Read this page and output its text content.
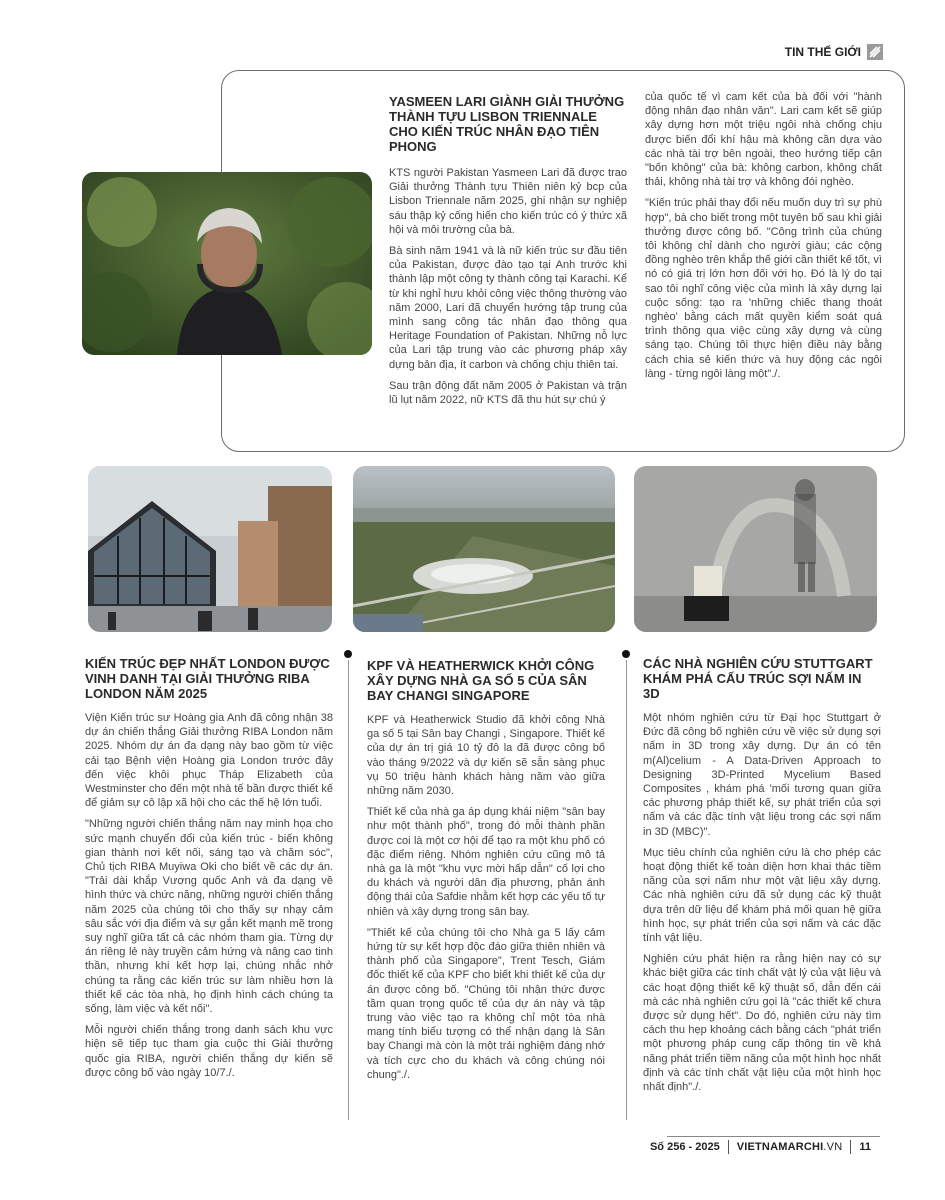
TIN THẾ GIỚI
YASMEEN LARI GIÀNH GIẢI THƯỞNG THÀNH TỰU LISBON TRIENNALE CHO KIẾN TRÚC NHÂN ĐẠO TIÊN PHONG

KTS người Pakistan Yasmeen Lari đã được trao Giải thưởng Thành tựu Thiên niên kỷ bcp của Lisbon Triennale năm 2025, ghi nhận sự nghiệp sáu thập kỷ cống hiến cho kiến trúc có ý thức xã hội và môi trường của bà.

Bà sinh năm 1941 và là nữ kiến trúc sư đầu tiên của Pakistan, được đào tạo tại Anh trước khi thành lập một công ty thành công tại Karachi. Kể từ khi nghỉ hưu khỏi công việc thông thường vào năm 2000, Lari đã chuyển hướng tập trung của mình sang công tác nhân đạo thông qua Heritage Foundation of Pakistan. Những nỗ lực của Lari tập trung vào các phương pháp xây dựng bản địa, ít carbon và chống chịu thiên tai.

Sau trận động đất năm 2005 ở Pakistan và trận lũ lụt năm 2022, nữ KTS đã thu hút sự chú ý

của quốc tế vì cam kết của bà đối với "hành động nhân đạo nhân văn". Lari cam kết sẽ giúp xây dựng hơn một triệu ngôi nhà chống chịu được biến đổi khí hậu mà không cần dựa vào các nhà tài trợ bên ngoài, theo hướng tiếp cận "bốn không" của bà: không carbon, không chất thải, không nhà tài trợ và không đói nghèo.

"Kiến trúc phải thay đổi nếu muốn duy trì sự phù hợp", bà cho biết trong một tuyên bố sau khi giải thưởng được công bố. "Công trình của chúng tôi không chỉ dành cho người giàu; các cộng đồng nghèo trên khắp thế giới cần thiết kế tốt, vì nó có giá trị lớn hơn đối với họ. Đó là lý do tại sao tôi nghĩ công việc của mình là xây dựng lại cuộc sống: tạo ra 'những chiếc thang thoát nghèo' bằng cách mất quyền kiểm soát quá trình thông qua việc cùng xây dựng và cùng sáng tạo. Chúng tôi thực hiện điều này bằng cách chia sẻ kiến thức và huy động các ngôi làng - từng ngôi làng một"./.

KIẾN TRÚC ĐẸP NHẤT LONDON ĐƯỢC VINH DANH TẠI GIẢI THƯỞNG RIBA LONDON NĂM 2025

Viện Kiến trúc sư Hoàng gia Anh đã công nhận 38 dự án chiến thắng Giải thưởng RIBA London năm 2025. Nhóm dự án đa dạng này bao gồm từ việc cải tạo Bệnh viện Hoàng gia London trước đây đến việc khôi phục Tháp Elizabeth của Westminster cho đến một nhà tế bần được thiết kế để giảm sự cô lập xã hội cho các thế hệ lớn tuổi.

"Những người chiến thắng năm nay minh họa cho sức mạnh chuyển đổi của kiến trúc - biến không gian thành nơi kết nối, sáng tạo và chăm sóc", Chủ tịch RIBA Muyiwa Oki cho biết về các dự án. "Trải dài khắp Vương quốc Anh và đa dạng về hình thức và chức năng, những người chiến thắng năm 2025 của chúng tôi cho thấy sự nhạy cảm sâu sắc với địa điểm và sự gắn kết mạnh mẽ trong suy nghĩ giữa tất cả các nhóm tham gia. Từng dự án riêng lẻ này truyền cảm hứng và nâng cao tinh thần, nhưng khi kết hợp lại, chúng nhắc nhở chúng ta rằng các kiến trúc sư làm nhiều hơn là thiết kế các tòa nhà, họ định hình cách chúng ta sống, làm việc và kết nối".

Mỗi người chiến thắng trong danh sách khu vực hiện sẽ tiếp tục tham gia cuộc thi Giải thưởng quốc gia RIBA, người chiến thắng dự kiến sẽ được công bố vào ngày 10/7./.

KPF VÀ HEATHERWICK KHỞI CÔNG XÂY DỰNG NHÀ GA SỐ 5 CỦA SÂN BAY CHANGI SINGAPORE

KPF và Heatherwick Studio đã khởi công Nhà ga số 5 tại Sân bay Changi , Singapore. Thiết kế của dự án trị giá 10 tỷ đô la đã được công bố vào tháng 9/2022 và dự kiến sẽ sẵn sàng phục vụ 50 triệu hành khách hàng năm vào giữa những năm 2030.

Thiết kế của nhà ga áp dụng khái niệm "sân bay như một thành phố", trong đó mỗi thành phần được coi là một cơ hội để tạo ra một khu phố có đặc điểm riêng. Nhóm nghiên cứu cũng mô tả nhà ga là một "khu vực mời hấp dẫn" cố lợi cho du khách và người dân địa phương, phản ánh động thái của Safdie nhằm kết hợp các yếu tố tự nhiên và xây dựng trong sân bay.

"Thiết kế của chúng tôi cho Nhà ga 5 lấy cảm hứng từ sự kết hợp độc đáo giữa thiên nhiên và thành phố của Singapore", Trent Tesch, Giám đốc thiết kế của KPF cho biết khi thiết kế của dự án được công bố. "Chúng tôi nhận thức được tầm quan trọng quốc tế của dự án này và tập trung vào việc tạo ra không chỉ một tòa nhà mang tính biểu tượng có thể nhận dạng là Sân bay Changi mà còn là một trải nghiệm đáng nhớ và tích cực cho du khách và công chúng nói chung"./.

CÁC NHÀ NGHIÊN CỨU STUTTGART KHÁM PHÁ CẤU TRÚC SỢI NẤM IN 3D

Một nhóm nghiên cứu từ Đại học Stuttgart ở Đức đã công bố nghiên cứu về việc sử dụng sợi nấm in 3D trong xây dựng. Dự án có tên m(Al)celium - A Data-Driven Approach to Designing 3D-Printed Mycelium Based Composites , khám phá 'mối tương quan giữa các phương pháp thiết kế, sự phát triển của sợi nấm và các đặc tính vật liệu trong các sợi nấm in 3D (MBC)".

Mục tiêu chính của nghiên cứu là cho phép các hoạt động thiết kế toàn diện hơn khai thác tiềm năng của sợi nấm như một vật liệu xây dựng. Các nhà nghiên cứu đã sử dụng các kỹ thuật dựa trên dữ liệu để khám phá mối quan hệ giữa hình học, sự phát triển của sợi nấm và các đặc tính vật liệu.

Nghiên cứu phát hiện ra rằng hiện nay có sự khác biệt giữa các tính chất vật lý của vật liệu và các hoạt động thiết kế kỹ thuật số, dẫn đến cái mà các nhà nghiên cứu gọi là "các thiết kế chưa được sử dụng hết". Do đó, nghiên cứu này tìm cách thu hẹp khoảng cách bằng cách "phát triển một phương pháp cung cấp thông tin về khả năng phát triển tiềm năng của một hình học nhất định và các tính chất vật liệu của một hình học nhất định"./.

Số 256 - 2025 VIETNAMARCHI.VN 11
